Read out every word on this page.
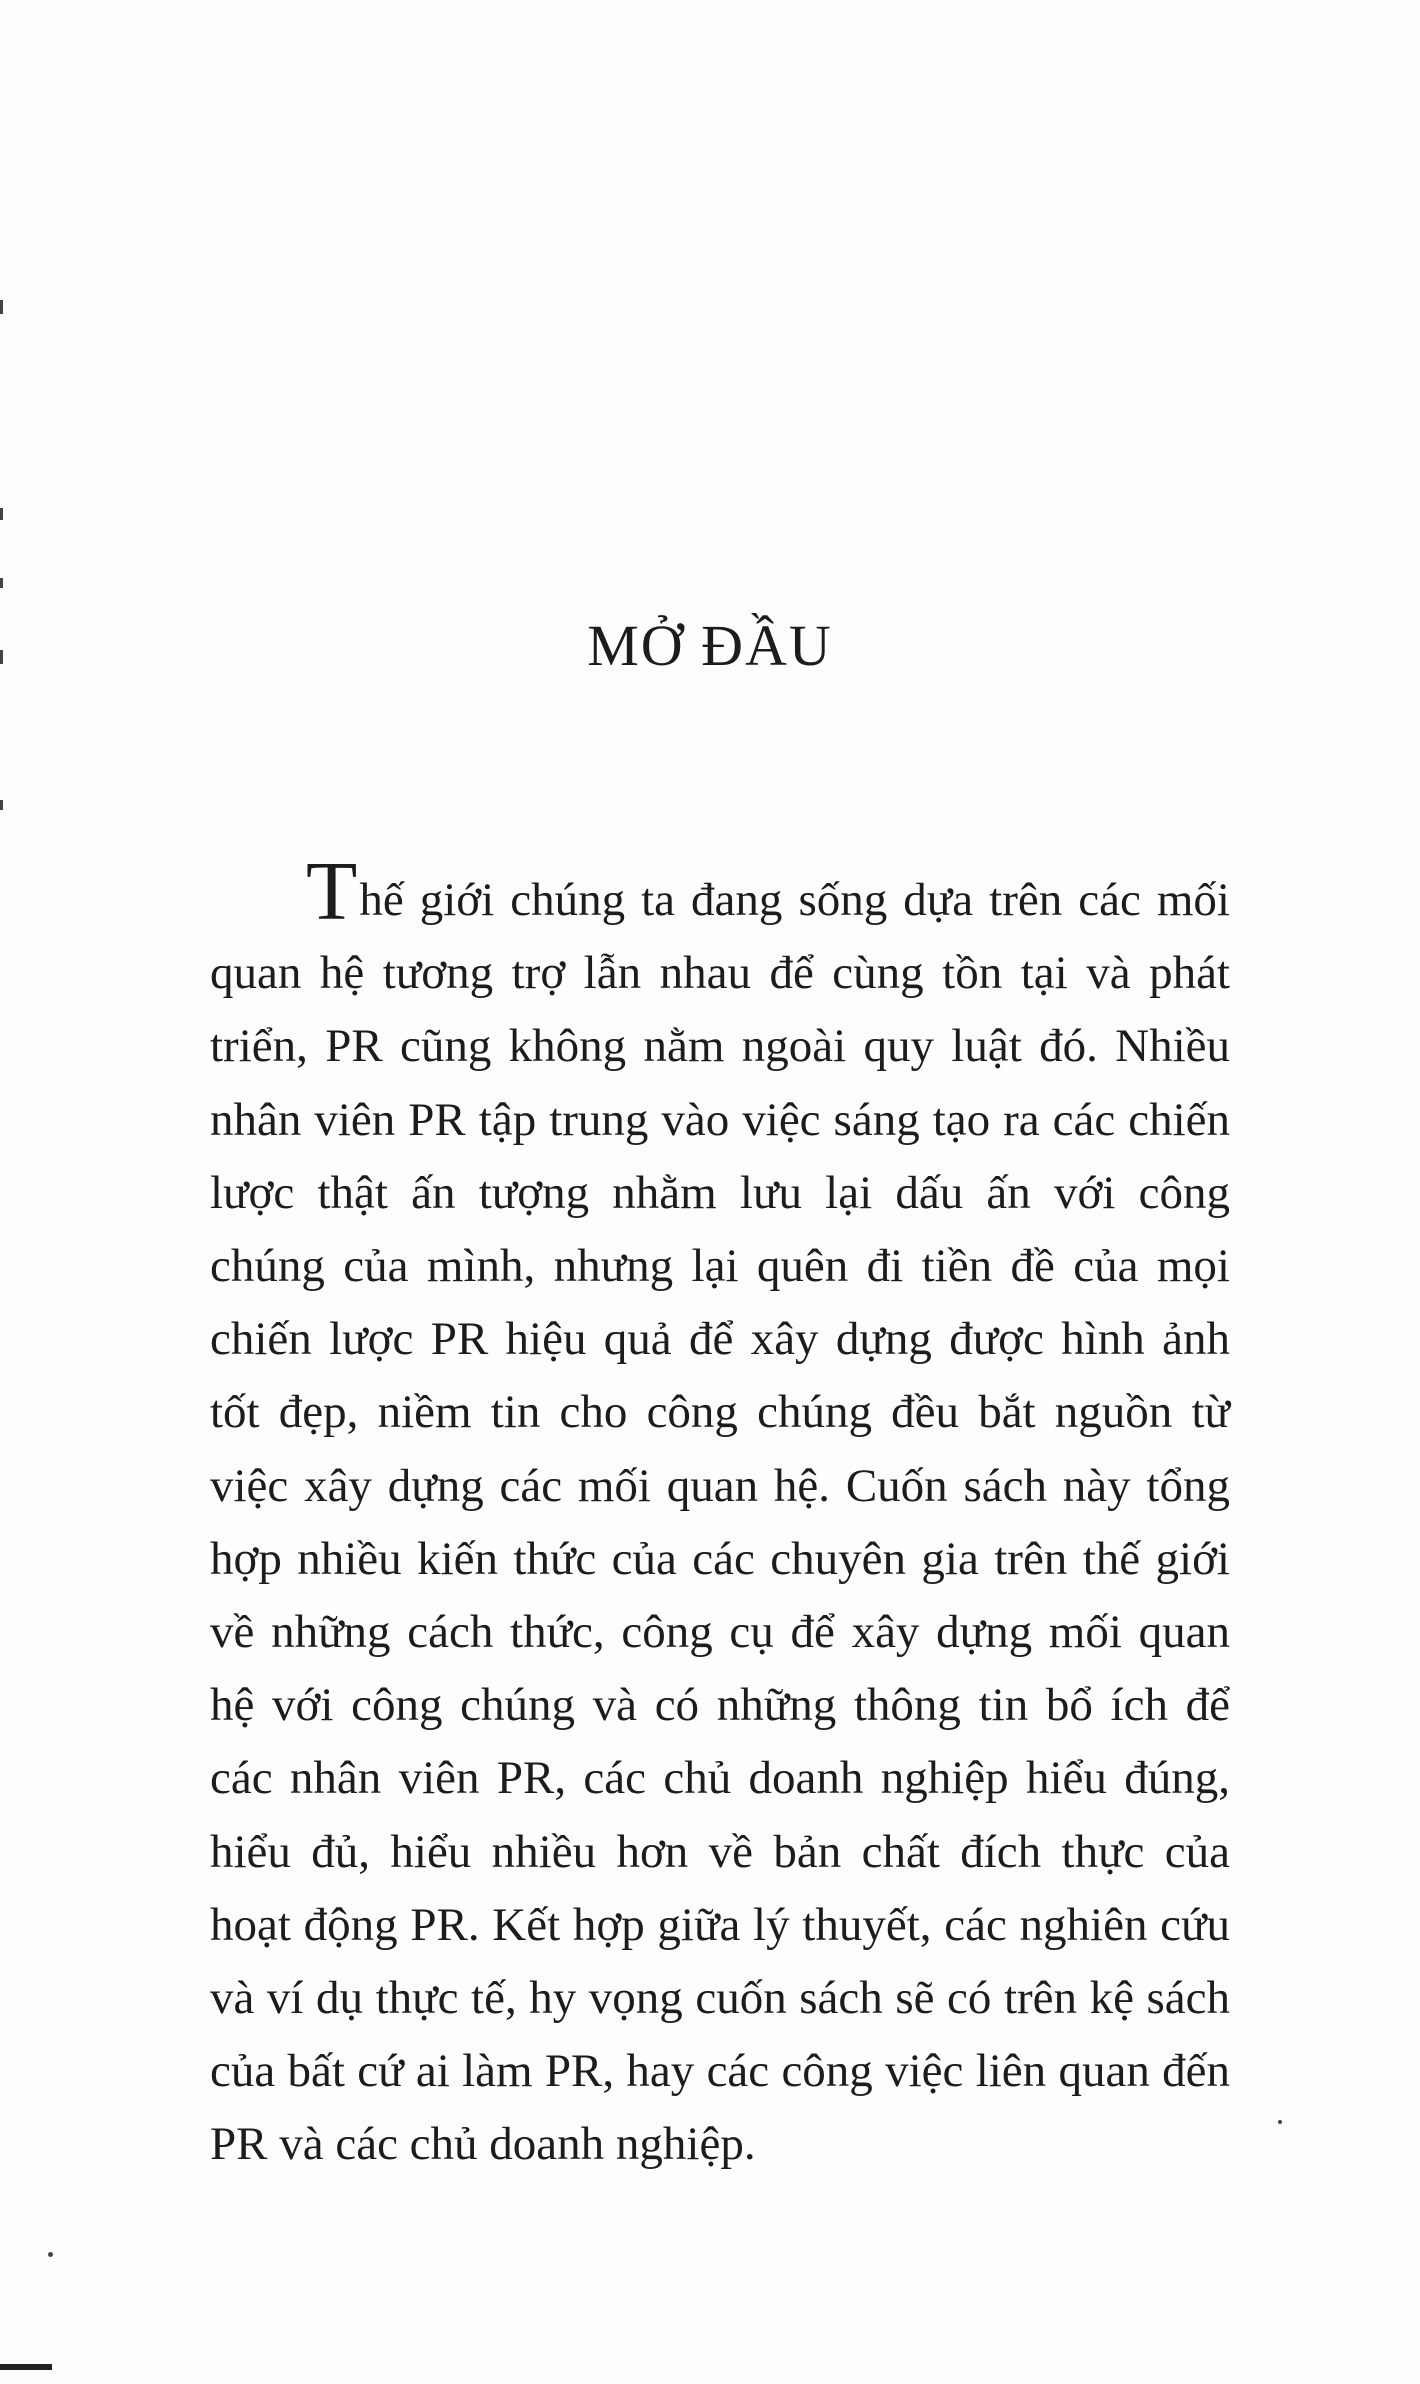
MỞ ĐẦU
Thế giới chúng ta đang sống dựa trên các mối
quan hệ tương trợ lẫn nhau để cùng tồn tại và phát
triển, PR cũng không nằm ngoài quy luật đó. Nhiều
nhân viên PR tập trung vào việc sáng tạo ra các chiến
lược thật ấn tượng nhằm lưu lại dấu ấn với công
chúng của mình, nhưng lại quên đi tiền đề của mọi
chiến lược PR hiệu quả để xây dựng được hình ảnh
tốt đẹp, niềm tin cho công chúng đều bắt nguồn từ
việc xây dựng các mối quan hệ. Cuốn sách này tổng
hợp nhiều kiến thức của các chuyên gia trên thế giới
về những cách thức, công cụ để xây dựng mối quan
hệ với công chúng và có những thông tin bổ ích để
các nhân viên PR, các chủ doanh nghiệp hiểu đúng,
hiểu đủ, hiểu nhiều hơn về bản chất đích thực của
hoạt động PR. Kết hợp giữa lý thuyết, các nghiên cứu
và ví dụ thực tế, hy vọng cuốn sách sẽ có trên kệ sách
của bất cứ ai làm PR, hay các công việc liên quan đến
PR và các chủ doanh nghiệp.
